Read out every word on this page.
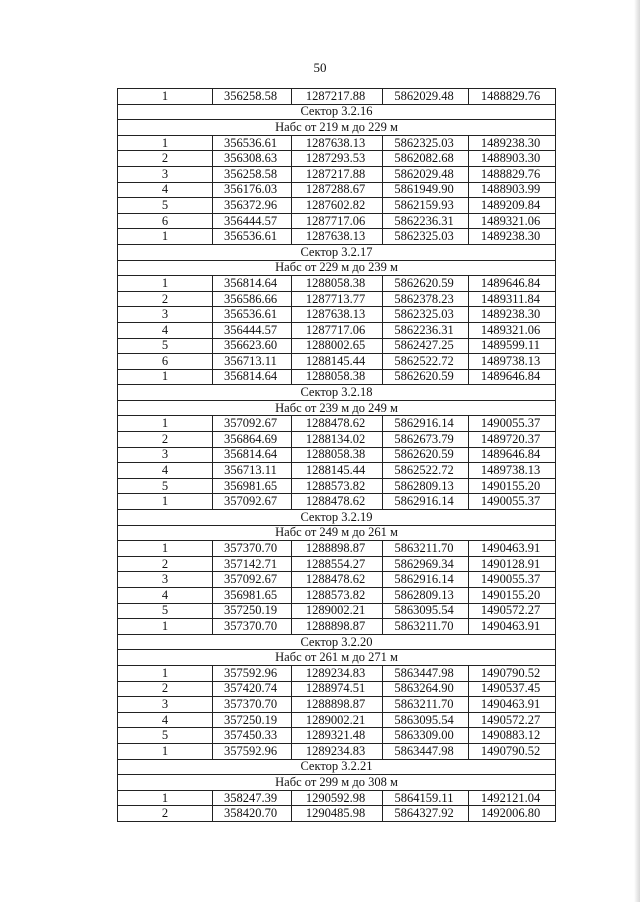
50
1	356258.58	1287217.88	5862029.48	1488829.76
Сектор 3.2.16				
Набс от 219 м до 229 м				
1	356536.61	1287638.13	5862325.03	1489238.30
2	356308.63	1287293.53	5862082.68	1488903.30
3	356258.58	1287217.88	5862029.48	1488829.76
4	356176.03	1287288.67	5861949.90	1488903.99
5	356372.96	1287602.82	5862159.93	1489209.84
6	356444.57	1287717.06	5862236.31	1489321.06
1	356536.61	1287638.13	5862325.03	1489238.30
Сектор 3.2.17				
Набс от 229 м до 239 м				
1	356814.64	1288058.38	5862620.59	1489646.84
2	356586.66	1287713.77	5862378.23	1489311.84
3	356536.61	1287638.13	5862325.03	1489238.30
4	356444.57	1287717.06	5862236.31	1489321.06
5	356623.60	1288002.65	5862427.25	1489599.11
6	356713.11	1288145.44	5862522.72	1489738.13
1	356814.64	1288058.38	5862620.59	1489646.84
Сектор 3.2.18				
Набс от 239 м до 249 м				
1	357092.67	1288478.62	5862916.14	1490055.37
2	356864.69	1288134.02	5862673.79	1489720.37
3	356814.64	1288058.38	5862620.59	1489646.84
4	356713.11	1288145.44	5862522.72	1489738.13
5	356981.65	1288573.82	5862809.13	1490155.20
1	357092.67	1288478.62	5862916.14	1490055.37
Сектор 3.2.19				
Набс от 249 м до 261 м				
1	357370.70	1288898.87	5863211.70	1490463.91
2	357142.71	1288554.27	5862969.34	1490128.91
3	357092.67	1288478.62	5862916.14	1490055.37
4	356981.65	1288573.82	5862809.13	1490155.20
5	357250.19	1289002.21	5863095.54	1490572.27
1	357370.70	1288898.87	5863211.70	1490463.91
Сектор 3.2.20				
Набс от 261 м до 271 м				
1	357592.96	1289234.83	5863447.98	1490790.52
2	357420.74	1288974.51	5863264.90	1490537.45
3	357370.70	1288898.87	5863211.70	1490463.91
4	357250.19	1289002.21	5863095.54	1490572.27
5	357450.33	1289321.48	5863309.00	1490883.12
1	357592.96	1289234.83	5863447.98	1490790.52
Сектор 3.2.21				
Набс от 299 м до 308 м				
1	358247.39	1290592.98	5864159.11	1492121.04
2	358420.70	1290485.98	5864327.92	1492006.80
